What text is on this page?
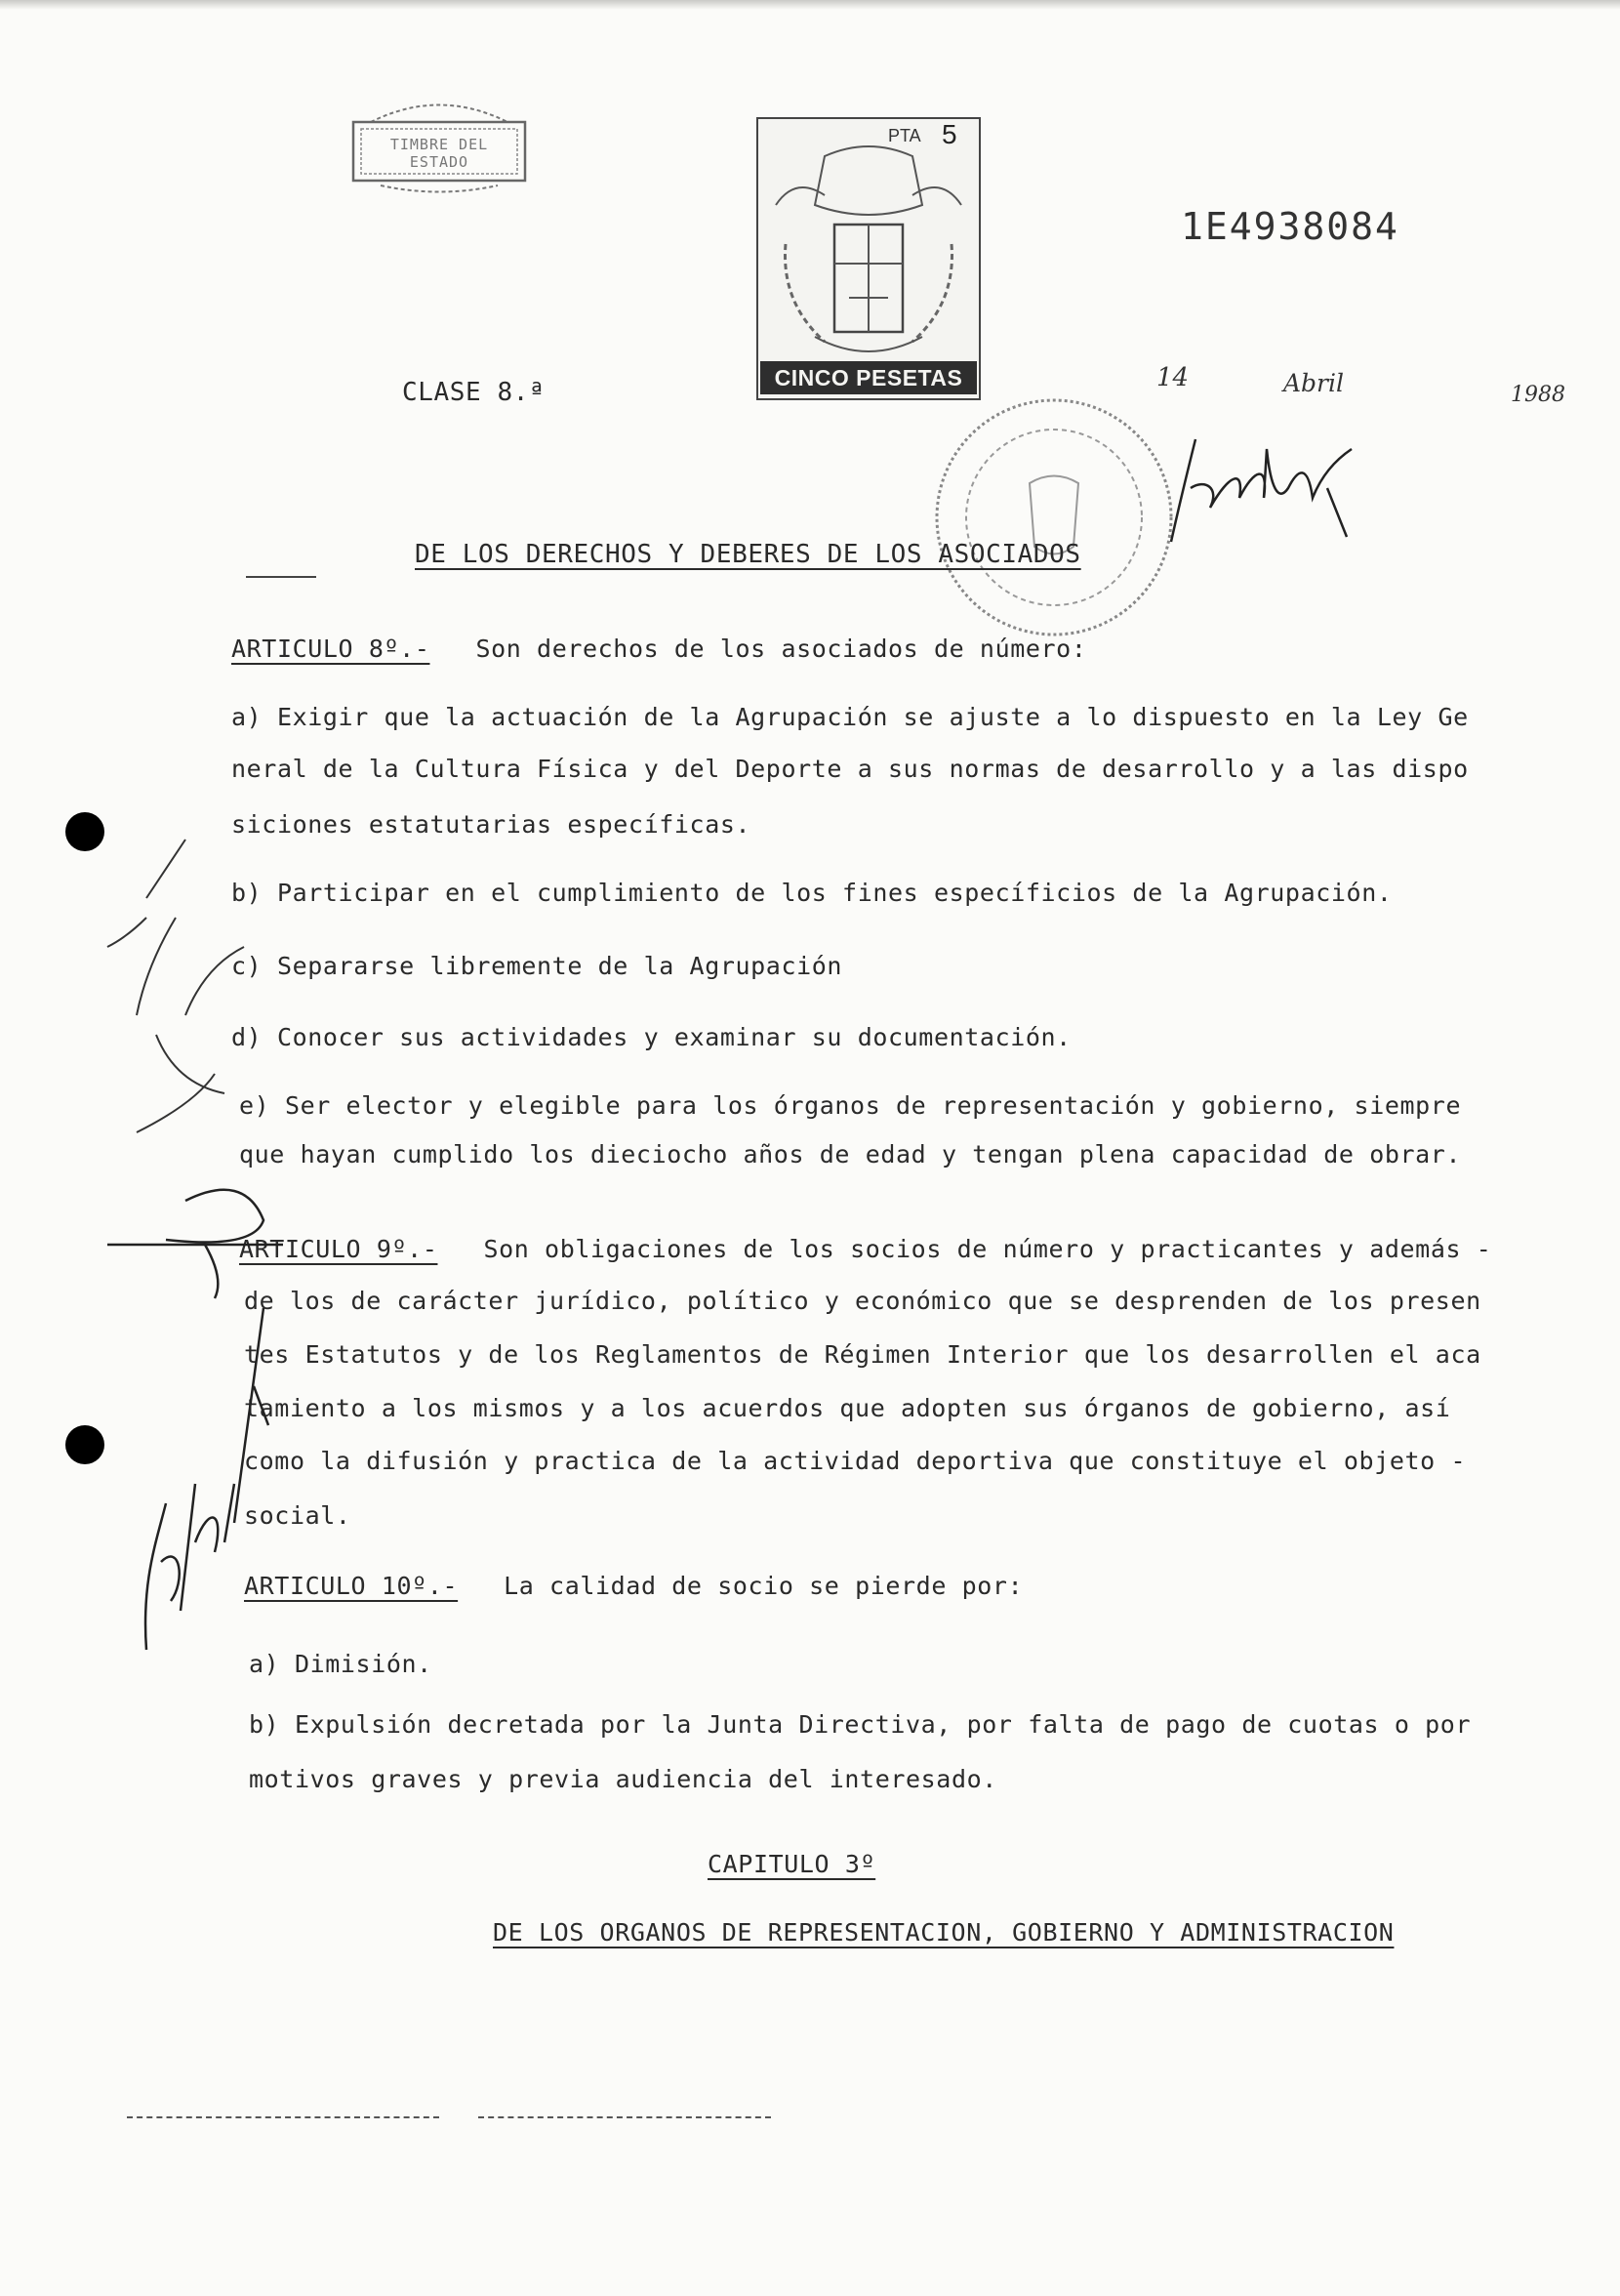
TIMBRE DEL ESTADO
PTA 5
CINCO PESETAS
1E4938084
CLASE 8.ª	14	Abril	1988
DE LOS DERECHOS Y DEBERES DE LOS ASOCIADOS
ARTICULO 8º.- Son derechos de los asociados de número:
a) Exigir que la actuación de la Agrupación se ajuste a lo dispuesto en la Ley Ge
neral de la Cultura Física y del Deporte a sus normas de desarrollo y a las dispo
siciones estatutarias específicas.
b) Participar en el cumplimiento de los fines específicios de la Agrupación.
c) Separarse libremente de la Agrupación
d) Conocer sus actividades y examinar su documentación.
e) Ser elector y elegible para los órganos de representación y gobierno, siempre
que hayan cumplido los dieciocho años de edad y tengan plena capacidad de obrar.
ARTICULO 9º.- Son obligaciones de los socios de número y practicantes y además -
de los de carácter jurídico, político y económico que se desprenden de los presen
tes Estatutos y de los Reglamentos de Régimen Interior que los desarrollen el aca
tamiento a los mismos y a los acuerdos que adopten sus órganos de gobierno, así
como la difusión y practica de la actividad deportiva que constituye el objeto -
social.
ARTICULO 10º.- La calidad de socio se pierde por:
a) Dimisión.
b) Expulsión decretada por la Junta Directiva, por falta de pago de cuotas o por
motivos graves y previa audiencia del interesado.
CAPITULO 3º
DE LOS ORGANOS DE REPRESENTACION, GOBIERNO Y ADMINISTRACION
